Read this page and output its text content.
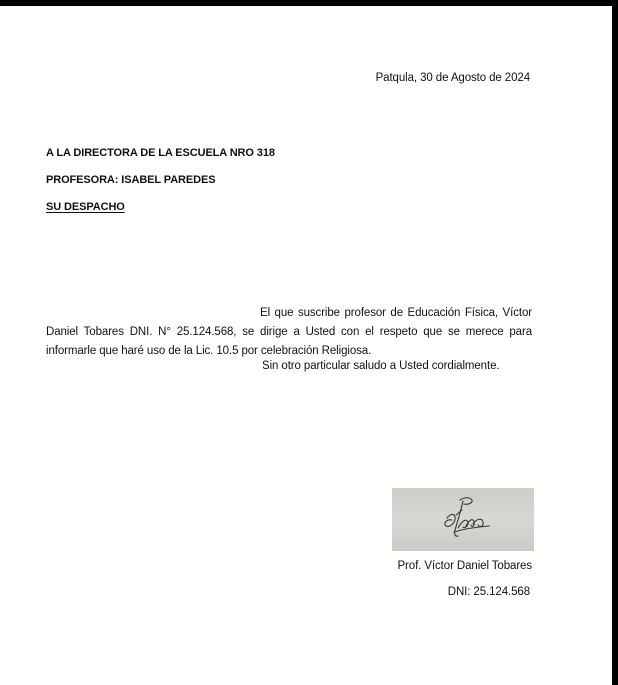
Patqula, 30 de Agosto de 2024
A LA DIRECTORA DE LA ESCUELA NRO 318
PROFESORA: ISABEL PAREDES
SU DESPACHO
El que suscribe profesor de Educación Física, Víctor Daniel Tobares DNI. N° 25.124.568, se dirige a Usted con el respeto que se merece para informarle que haré uso de la Lic. 10.5 por celebración Religiosa.
Sin otro particular saludo a Usted cordialmente.
Prof. Víctor Daniel Tobares
DNI: 25.124.568
